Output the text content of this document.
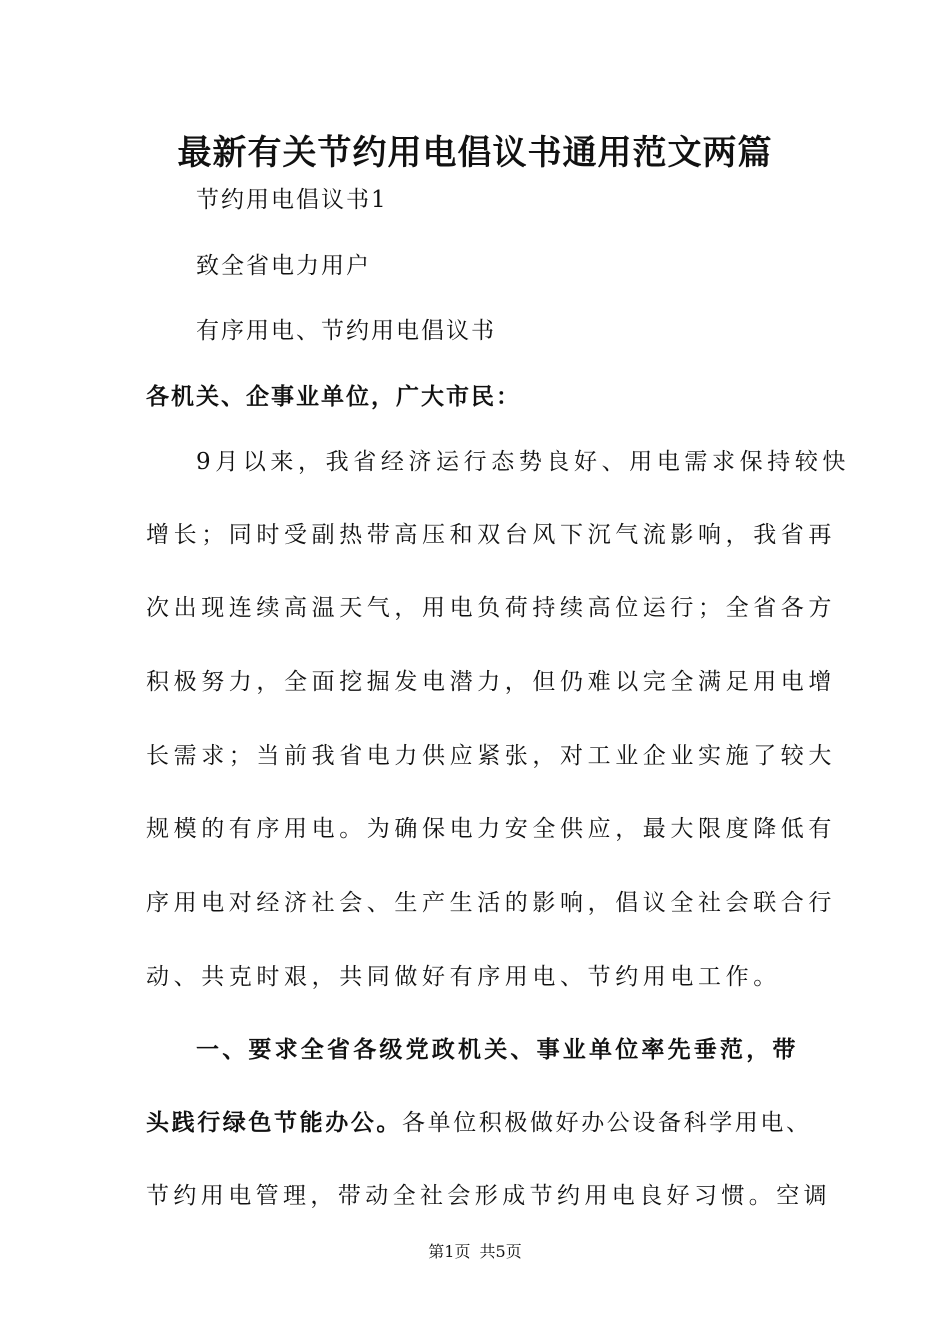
最新有关节约用电倡议书通用范文两篇
节约用电倡议书1
致全省电力用户
有序用电、节约用电倡议书
各机关、企事业单位，广大市民：
9月以来，我省经济运行态势良好、用电需求保持较快
增长；同时受副热带高压和双台风下沉气流影响，我省再
次出现连续高温天气，用电负荷持续高位运行；全省各方
积极努力，全面挖掘发电潜力，但仍难以完全满足用电增
长需求；当前我省电力供应紧张，对工业企业实施了较大
规模的有序用电。为确保电力安全供应，最大限度降低有
序用电对经济社会、生产生活的影响，倡议全社会联合行
动、共克时艰，共同做好有序用电、节约用电工作。
一、要求全省各级党政机关、事业单位率先垂范，带
头践行绿色节能办公。各单位积极做好办公设备科学用电、
节约用电管理，带动全社会形成节约用电良好习惯。空调
第1页 共5页
